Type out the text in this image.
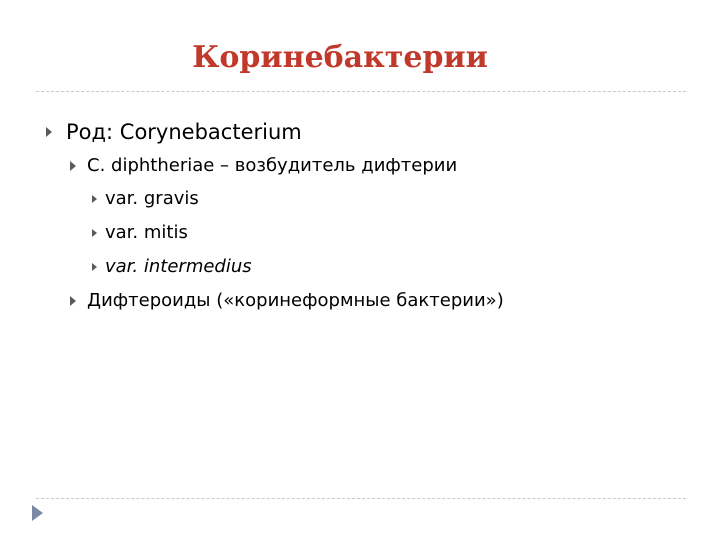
Коринебактерии
Род: Corynebacterium
C. diphtheriae – возбудитель дифтерии
var. gravis
var. mitis
var. intermedius
Дифтероиды («коринеформные бактерии»)
